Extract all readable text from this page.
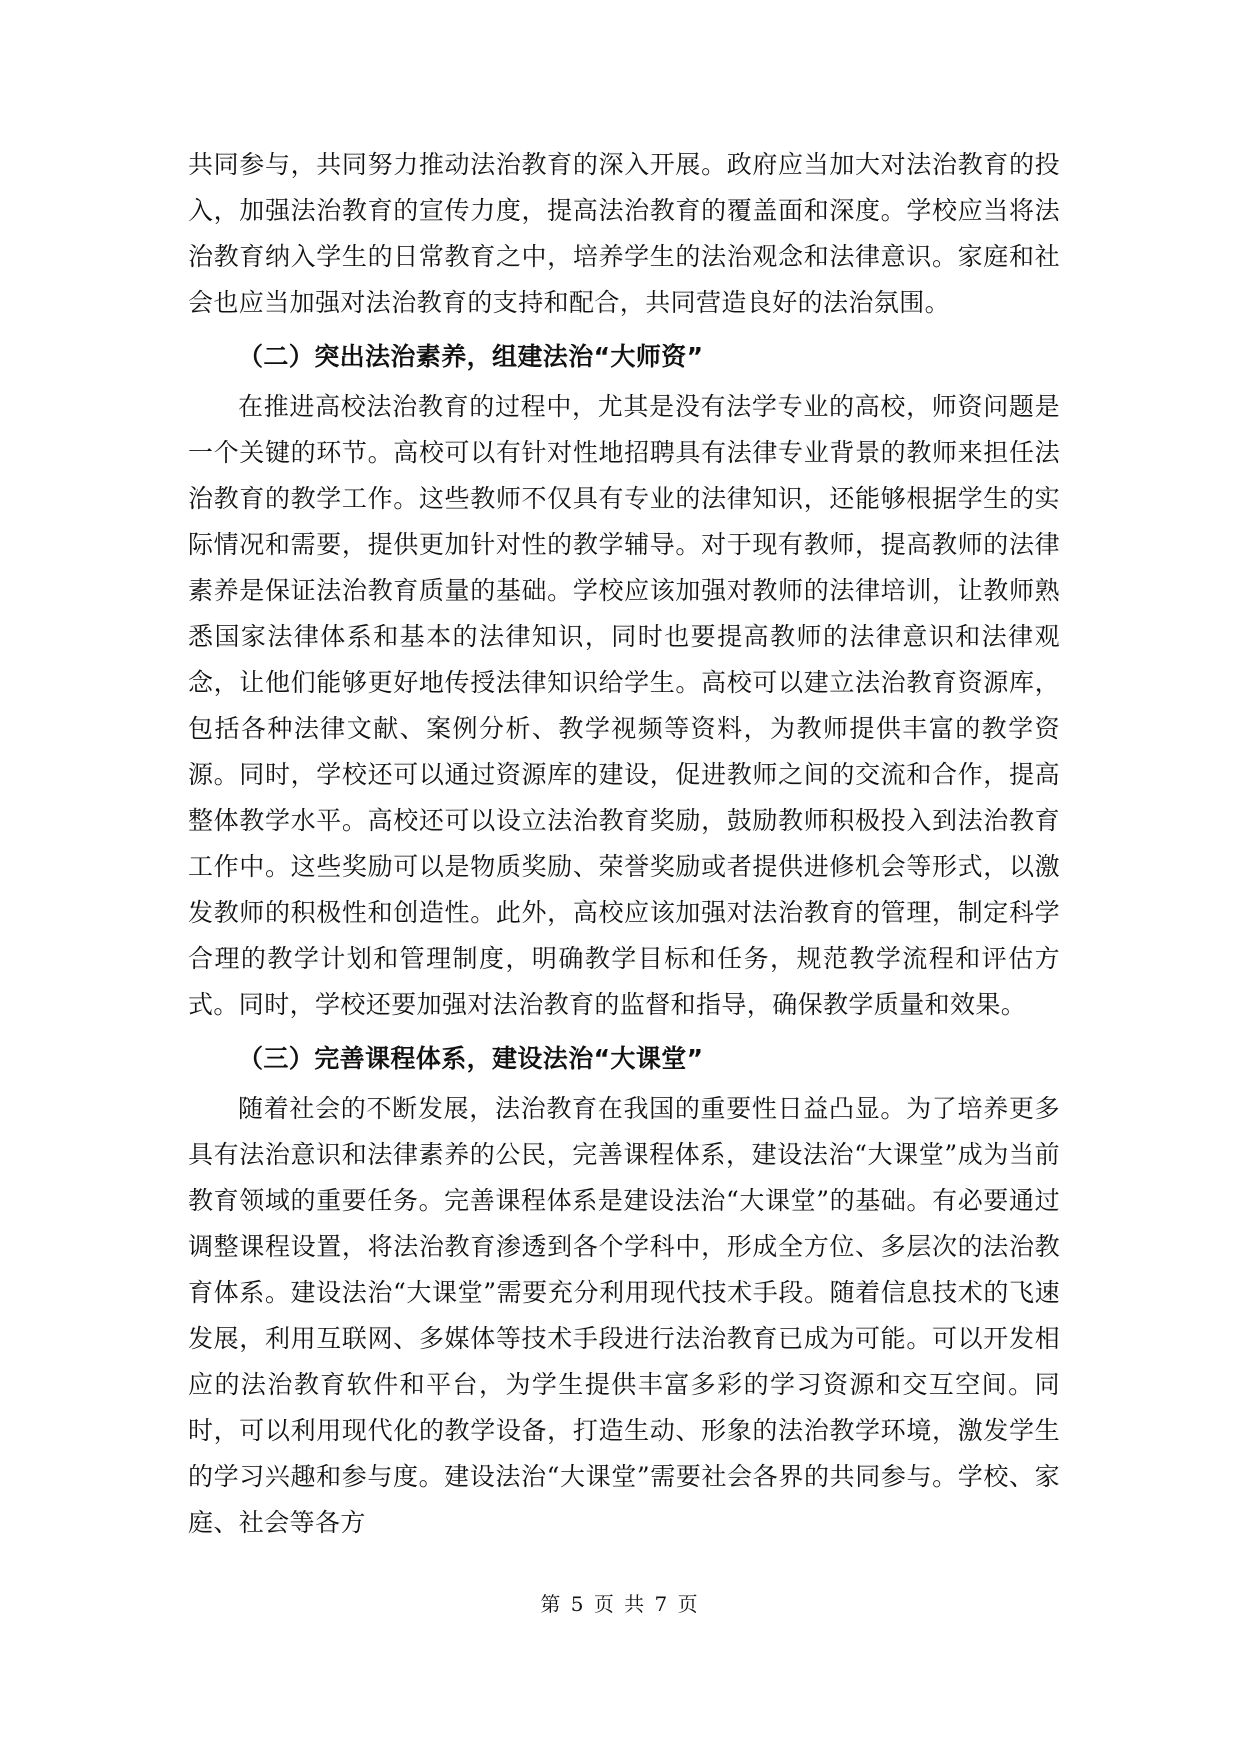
共同参与，共同努力推动法治教育的深入开展。政府应当加大对法治教育的投入，加强法治教育的宣传力度，提高法治教育的覆盖面和深度。学校应当将法治教育纳入学生的日常教育之中，培养学生的法治观念和法律意识。家庭和社会也应当加强对法治教育的支持和配合，共同营造良好的法治氛围。

（二）突出法治素养，组建法治“大师资”

在推进高校法治教育的过程中，尤其是没有法学专业的高校，师资问题是一个关键的环节。高校可以有针对性地招聘具有法律专业背景的教师来担任法治教育的教学工作。这些教师不仅具有专业的法律知识，还能够根据学生的实际情况和需要，提供更加针对性的教学辅导。对于现有教师，提高教师的法律素养是保证法治教育质量的基础。学校应该加强对教师的法律培训，让教师熟悉国家法律体系和基本的法律知识，同时也要提高教师的法律意识和法律观念，让他们能够更好地传授法律知识给学生。高校可以建立法治教育资源库，包括各种法律文献、案例分析、教学视频等资料，为教师提供丰富的教学资源。同时，学校还可以通过资源库的建设，促进教师之间的交流和合作，提高整体教学水平。高校还可以设立法治教育奖励，鼓励教师积极投入到法治教育工作中。这些奖励可以是物质奖励、荣誉奖励或者提供进修机会等形式，以激发教师的积极性和创造性。此外，高校应该加强对法治教育的管理，制定科学合理的教学计划和管理制度，明确教学目标和任务，规范教学流程和评估方式。同时，学校还要加强对法治教育的监督和指导，确保教学质量和效果。

（三）完善课程体系，建设法治“大课堂”

随着社会的不断发展，法治教育在我国的重要性日益凸显。为了培养更多具有法治意识和法律素养的公民，完善课程体系，建设法治“大课堂”成为当前教育领域的重要任务。完善课程体系是建设法治“大课堂”的基础。有必要通过调整课程设置，将法治教育渗透到各个学科中，形成全方位、多层次的法治教育体系。建设法治“大课堂”需要充分利用现代技术手段。随着信息技术的飞速发展，利用互联网、多媒体等技术手段进行法治教育已成为可能。可以开发相应的法治教育软件和平台，为学生提供丰富多彩的学习资源和交互空间。同时，可以利用现代化的教学设备，打造生动、形象的法治教学环境，激发学生的学习兴趣和参与度。建设法治“大课堂”需要社会各界的共同参与。学校、家庭、社会等各方

第 5 页 共 7 页
